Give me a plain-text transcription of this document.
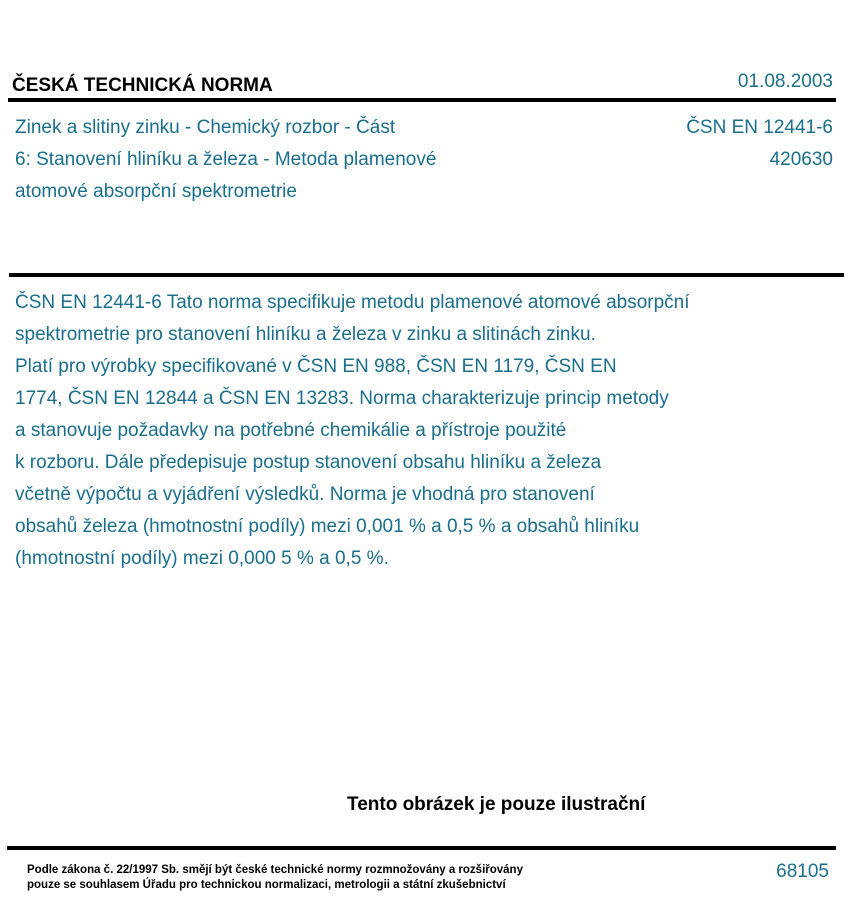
ČESKÁ TECHNICKÁ NORMA	01.08.2003
Zinek a slitiny zinku - Chemický rozbor - Část
6: Stanovení hliníku a železa - Metoda plamenové
atomové absorpční spektrometrie
ČSN EN 12441-6
420630
ČSN EN 12441-6 Tato norma specifikuje metodu plamenové atomové absorpční
spektrometrie pro stanovení hliníku a železa v zinku a slitinách zinku.
Platí pro výrobky specifikované v ČSN EN 988, ČSN EN 1179, ČSN EN
1774, ČSN EN 12844 a ČSN EN 13283. Norma charakterizuje princip metody
a stanovuje požadavky na potřebné chemikálie a přístroje použité
k rozboru. Dále předepisuje postup stanovení obsahu hliníku a železa
včetně výpočtu a vyjádření výsledků. Norma je vhodná pro stanovení
obsahů železa (hmotnostní podíly) mezi 0,001 % a 0,5 % a obsahů hliníku
(hmotnostní podíly) mezi 0,000 5 % a 0,5 %.
Tento obrázek je pouze ilustrační
Podle zákona č. 22/1997 Sb. smějí být české technické normy rozmnožovány a rozšiřovány
pouze se souhlasem Úřadu pro technickou normalizaci, metrologii a státní zkušebnictví
68105
